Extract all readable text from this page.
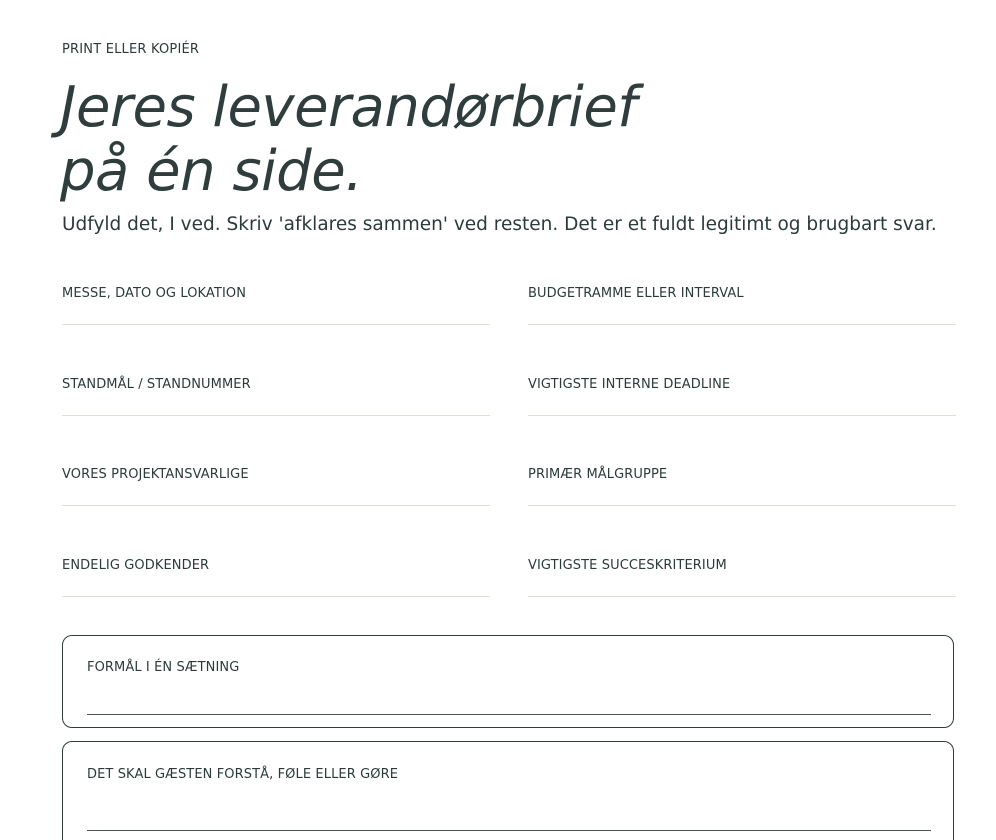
PRINT ELLER KOPIÉR
Jeres leverandørbrief
på én side.
Udfyld det, I ved. Skriv 'afklares sammen' ved resten. Det er et fuldt legitimt og brugbart svar.
MESSE, DATO OG LOKATION	BUDGETRAMME ELLER INTERVAL
STANDMÅL / STANDNUMMER	VIGTIGSTE INTERNE DEADLINE
VORES PROJEKTANSVARLIGE	PRIMÆR MÅLGRUPPE
ENDELIG GODKENDER	VIGTIGSTE SUCCESKRITERIUM
FORMÅL I ÉN SÆTNING
DET SKAL GÆSTEN FORSTÅ, FØLE ELLER GØRE
